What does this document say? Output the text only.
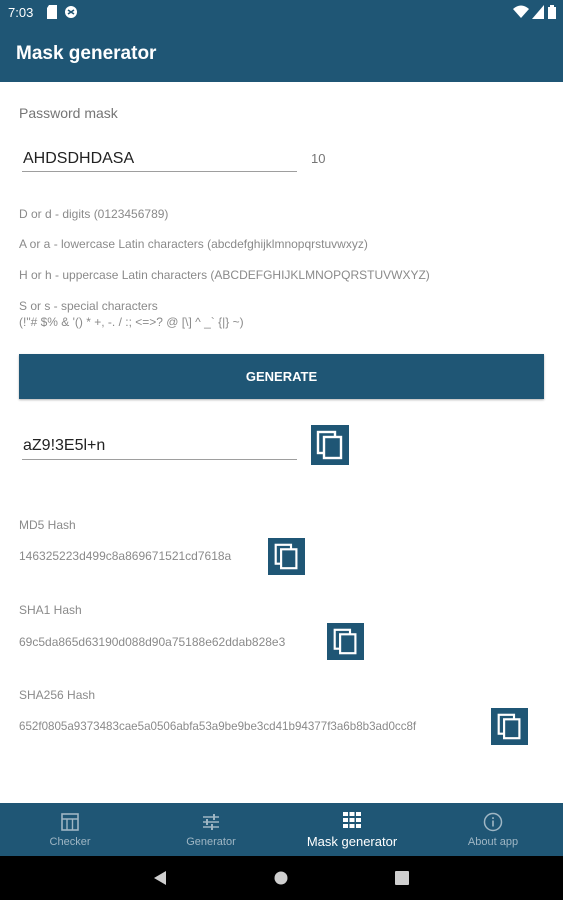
7:03
Mask generator
Password mask
AHDSDHDASA
10
D or d - digits (0123456789)
A or a - lowercase Latin characters (abcdefghijklmnopqrstuvwxyz)
H or h - uppercase Latin characters (ABCDEFGHIJKLMNOPQRSTUVWXYZ)
S or s - special characters
(!"# $% & '() * +, -. / :; <=>? @ [\] ^ _` {|} ~)
GENERATE
aZ9!3E5l+n
MD5 Hash
146325223d499c8a869671521cd7618a
SHA1 Hash
69c5da865d63190d088d90a75188e62ddab828e3
SHA256 Hash
652f0805a9373483cae5a0506abfa53a9be9be3cd41b94377f3a6b8b3ad0cc8f
Checker	Generator	Mask generator	About app
